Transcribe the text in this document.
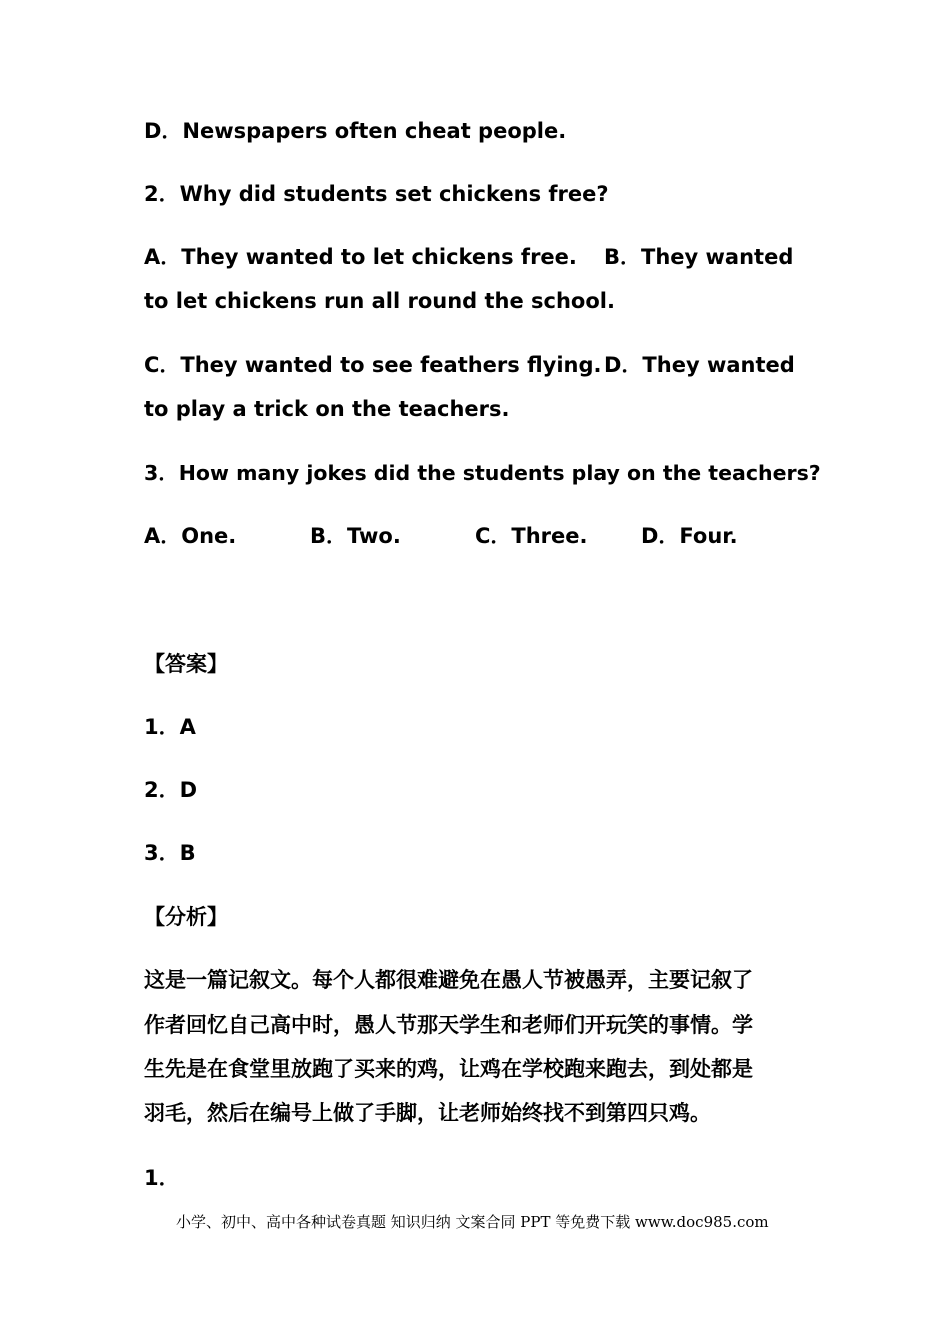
D．Newspapers often cheat people.
2．Why did students set chickens free?
A．They wanted to let chickens free. B．They wanted
to let chickens run all round the school.
C．They wanted to see feathers flying. D．They wanted
to play a trick on the teachers.
3．How many jokes did the students play on the teachers?
A．One.	B．Two.	C．Three.	D．Four.
【答案】
1．A
2．D
3．B
【分析】
这是一篇记叙文。每个人都很难避免在愚人节被愚弄，主要记叙了
作者回忆自己高中时，愚人节那天学生和老师们开玩笑的事情。学
生先是在食堂里放跑了买来的鸡，让鸡在学校跑来跑去，到处都是
羽毛，然后在编号上做了手脚，让老师始终找不到第四只鸡。
1．
小学、初中、高中各种试卷真题 知识归纳 文案合同 PPT 等免费下载 www.doc985.com
